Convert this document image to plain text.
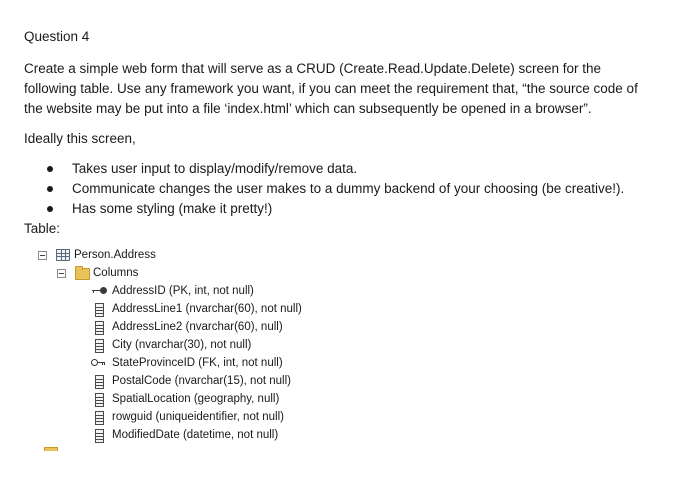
Question 4
Create a simple web form that will serve as a CRUD (Create.Read.Update.Delete) screen for the
following table. Use any framework you want, if you can meet the requirement that, “the source code of
the website may be put into a file ‘index.html’ which can subsequently be opened in a browser”.
Ideally this screen,
Takes user input to display/modify/remove data.
Communicate changes the user makes to a dummy backend of your choosing (be creative!).
Has some styling (make it pretty!)
Table:
Person.Address
Columns
AddressID (PK, int, not null)
AddressLine1 (nvarchar(60), not null)
AddressLine2 (nvarchar(60), null)
City (nvarchar(30), not null)
StateProvinceID (FK, int, not null)
PostalCode (nvarchar(15), not null)
SpatialLocation (geography, null)
rowguid (uniqueidentifier, not null)
ModifiedDate (datetime, not null)
